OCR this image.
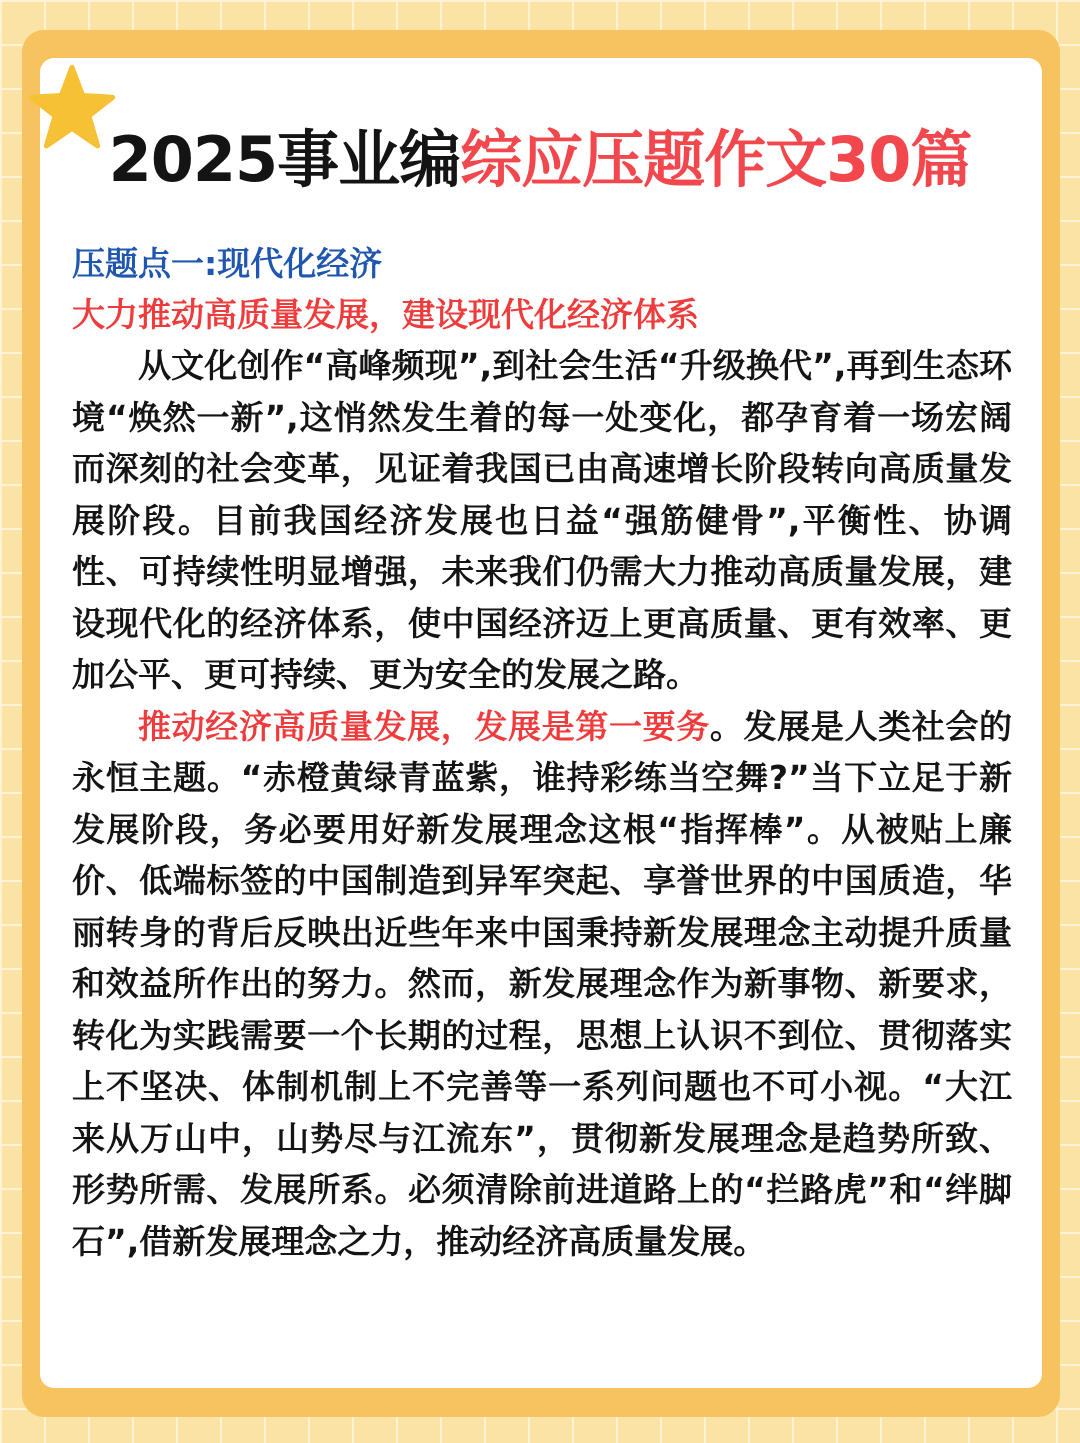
2025事业编综应压题作文30篇
压题点一:现代化经济
大力推动高质量发展，建设现代化经济体系

从文化创作“高峰频现”,到社会生活“升级换代”,再到生态环境“焕然一新”,这悄然发生着的每一处变化，都孕育着一场宏阔而深刻的社会变革，见证着我国已由高速增长阶段转向高质量发展阶段。目前我国经济发展也日益“强筋健骨”,平衡性、协调性、可持续性明显增强，未来我们仍需大力推动高质量发展，建设现代化的经济体系，使中国经济迈上更高质量、更有效率、更加公平、更可持续、更为安全的发展之路。

推动经济高质量发展，发展是第一要务。发展是人类社会的永恒主题。“赤橙黄绿青蓝紫，谁持彩练当空舞?”当下立足于新发展阶段，务必要用好新发展理念这根“指挥棒”。从被贴上廉价、低端标签的中国制造到异军突起、享誉世界的中国质造，华丽转身的背后反映出近些年来中国秉持新发展理念主动提升质量和效益所作出的努力。然而，新发展理念作为新事物、新要求，转化为实践需要一个长期的过程，思想上认识不到位、贯彻落实上不坚决、体制机制上不完善等一系列问题也不可小视。“大江来从万山中，山势尽与江流东”，贯彻新发展理念是趋势所致、形势所需、发展所系。必须清除前进道路上的“拦路虎”和“绊脚石”,借新发展理念之力，推动经济高质量发展。
